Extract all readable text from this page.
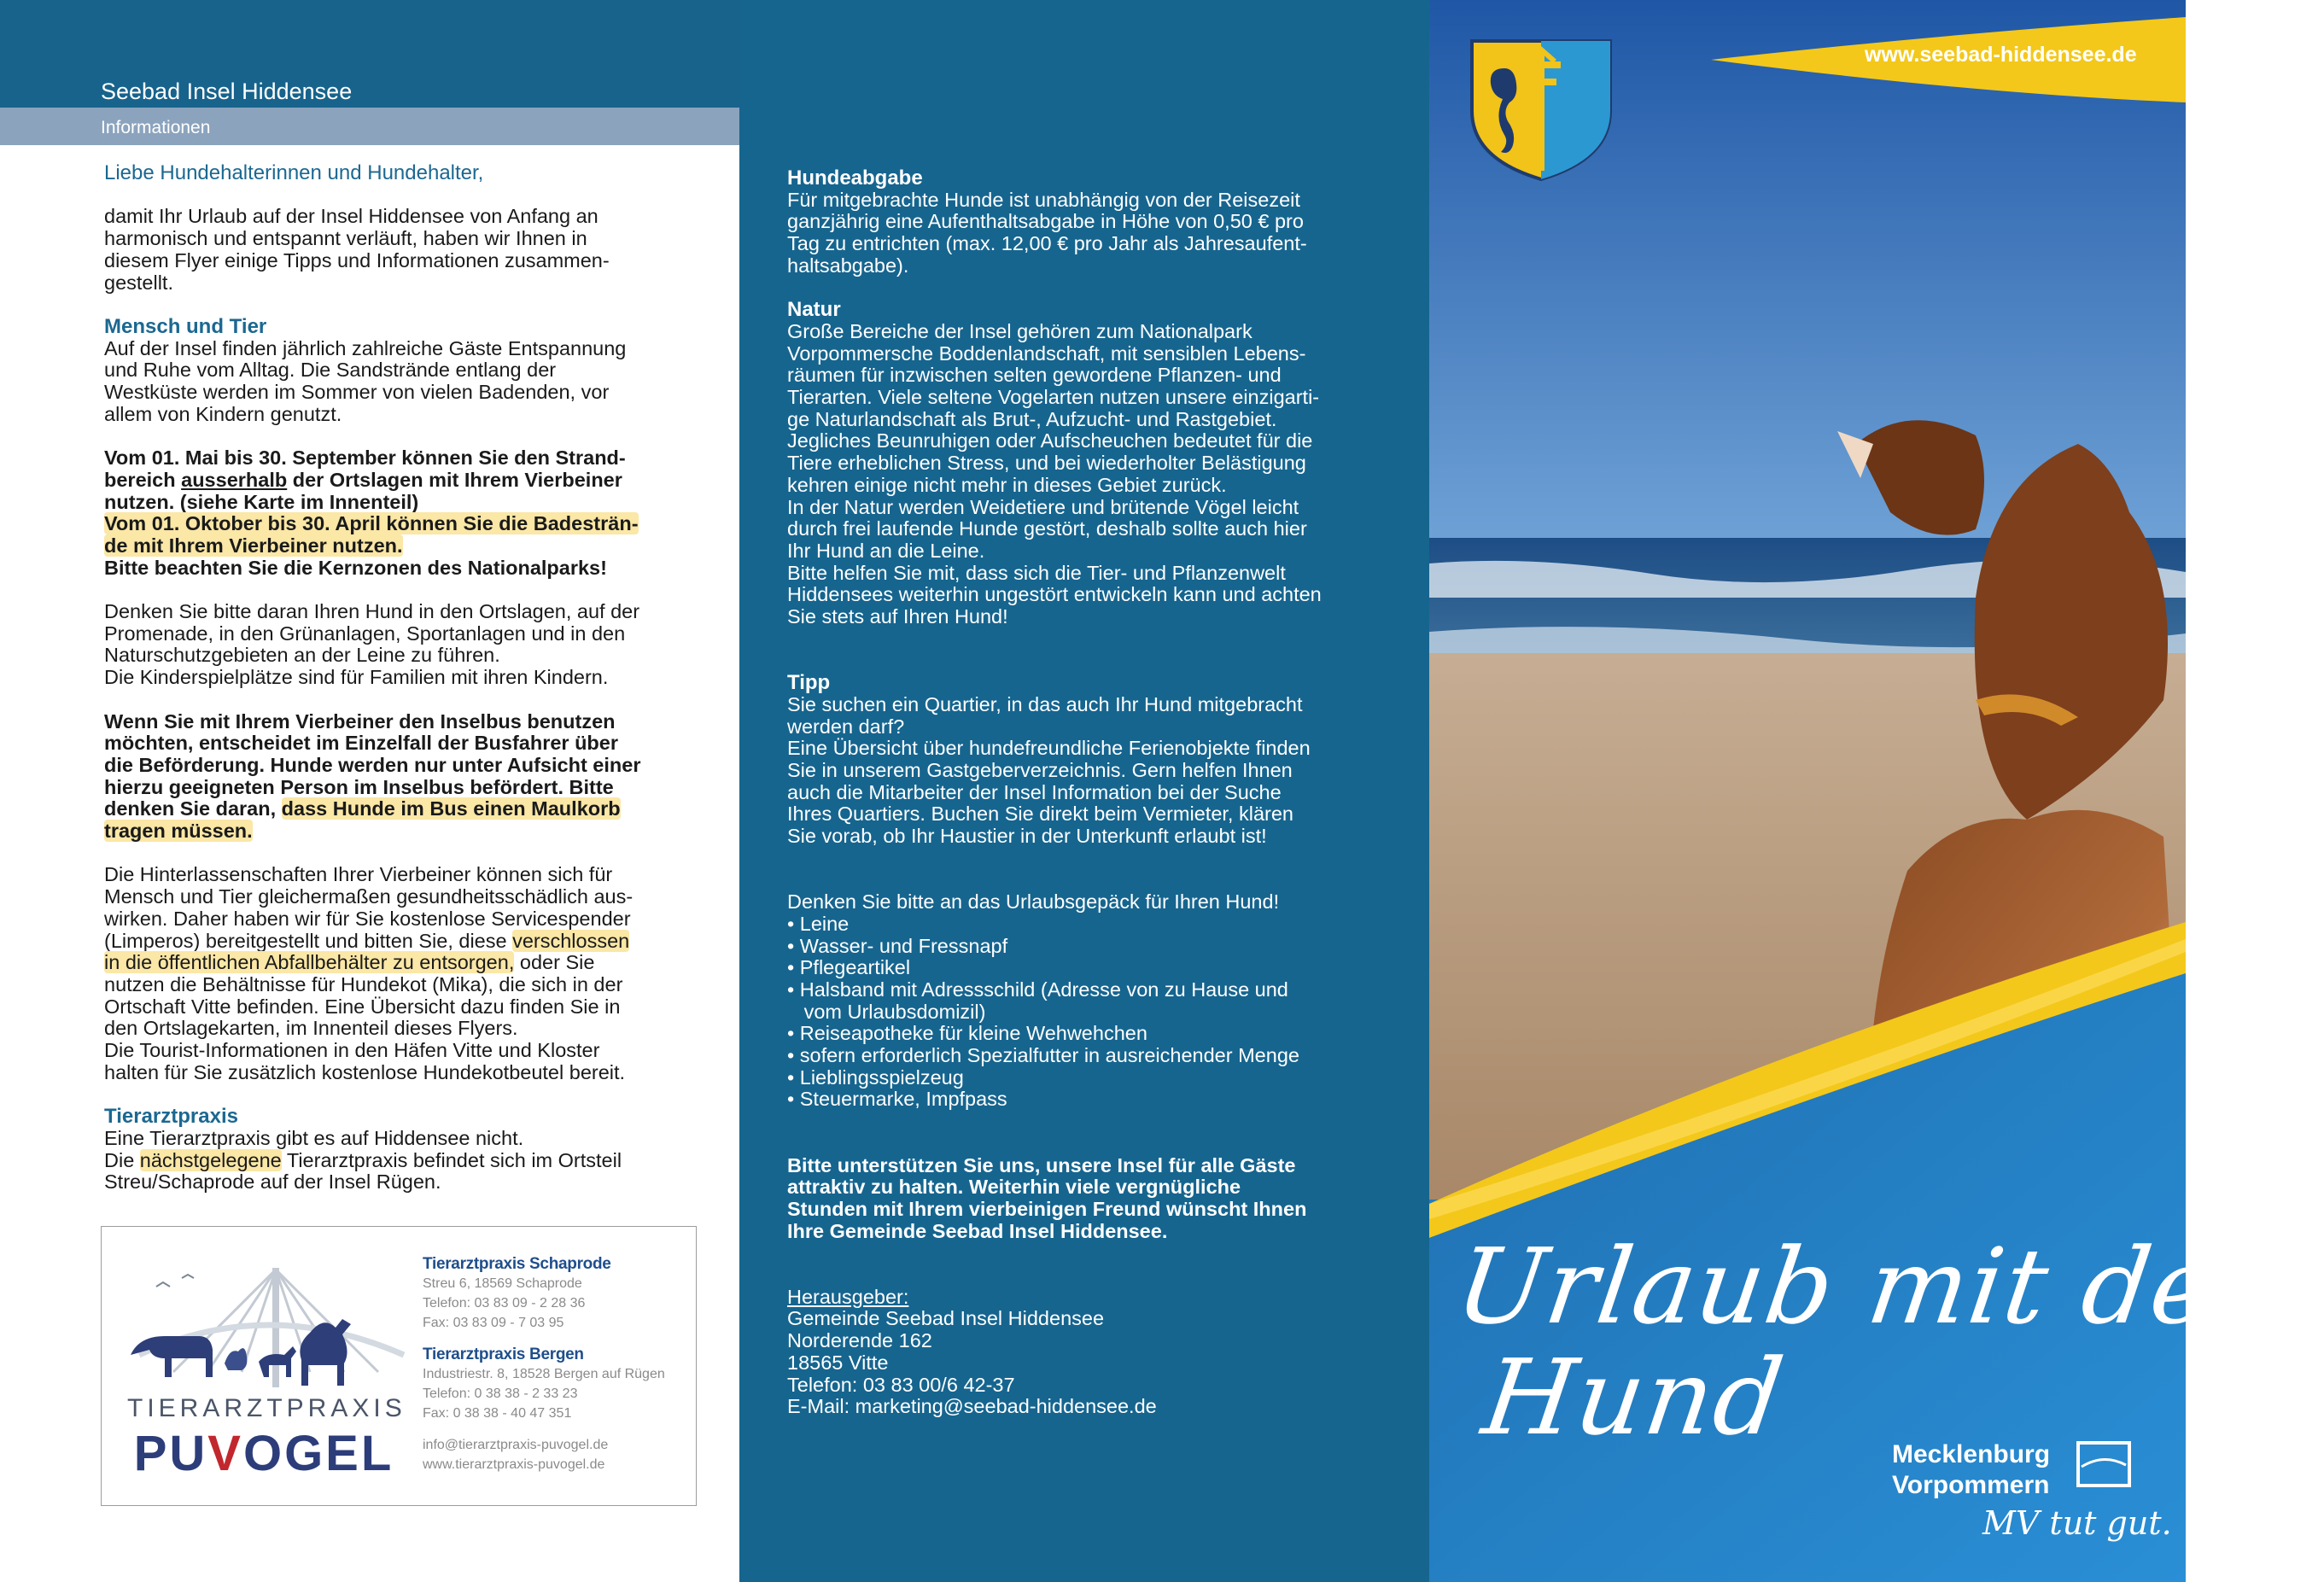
Seebad Insel Hiddensee
Informationen

Liebe Hundehalterinnen und Hundehalter,

damit Ihr Urlaub auf der Insel Hiddensee von Anfang an

harmonisch und entspannt verläuft, haben wir Ihnen in

diesem Flyer einige Tipps und Informationen zusammen-

gestellt.

Mensch und Tier

Auf der Insel finden jährlich zahlreiche Gäste Entspannung

und Ruhe vom Alltag. Die Sandstrände entlang der

Westküste werden im Sommer von vielen Badenden, vor

allem von Kindern genutzt.

Vom 01. Mai bis 30. September können Sie den Strand-

bereich ausserhalb der Ortslagen mit Ihrem Vierbeiner

nutzen. (siehe Karte im Innenteil)

Vom 01. Oktober bis 30. April können Sie die Badesträn-

de mit Ihrem Vierbeiner nutzen.

Bitte beachten Sie die Kernzonen des Nationalparks!

Denken Sie bitte daran Ihren Hund in den Ortslagen, auf der

Promenade, in den Grünanlagen, Sportanlagen und in den

Naturschutzgebieten an der Leine zu führen.

Die Kinderspielplätze sind für Familien mit ihren Kindern.

Wenn Sie mit Ihrem Vierbeiner den Inselbus benutzen

möchten, entscheidet im Einzelfall der Busfahrer über

die Beförderung. Hunde werden nur unter Aufsicht einer

hierzu geeigneten Person im Inselbus befördert. Bitte

denken Sie daran, dass Hunde im Bus einen Maulkorb

tragen müssen.

Die Hinterlassenschaften Ihrer Vierbeiner können sich für

Mensch und Tier gleichermaßen gesundheitsschädlich aus-

wirken. Daher haben wir für Sie kostenlose Servicespender

(Limperos) bereitgestellt und bitten Sie, diese verschlossen

in die öffentlichen Abfallbehälter zu entsorgen, oder Sie

nutzen die Behältnisse für Hundekot (Mika), die sich in der

Ortschaft Vitte befinden. Eine Übersicht dazu finden Sie in

den Ortslagekarten, im Innenteil dieses Flyers.

Die Tourist-Informationen in den Häfen Vitte und Kloster

halten für Sie zusätzlich kostenlose Hundekotbeutel bereit.

Tierarztpraxis

Eine Tierarztpraxis gibt es auf Hiddensee nicht.

Die nächstgelegene Tierarztpraxis befindet sich im Ortsteil

Streu/Schaprode auf der Insel Rügen.

TIERARZTPRAXIS
PUVOGEL
Tierarztpraxis Schaprode
Streu 6, 18569 Schaprode
Telefon: 03 83 09 - 2 28 36
Fax: 03 83 09 - 7 03 95
Tierarztpraxis Bergen
Industriestr. 8, 18528 Bergen auf Rügen
Telefon: 0 38 38 - 2 33 23
Fax: 0 38 38 - 40 47 351
info@tierarztpraxis-puvogel.de
www.tierarztpraxis-puvogel.de

Hundeabgabe

Für mitgebrachte Hunde ist unabhängig von der Reisezeit

ganzjährig eine Aufenthaltsabgabe in Höhe von 0,50 € pro

Tag zu entrichten (max. 12,00 € pro Jahr als Jahresaufent-

haltsabgabe).

Natur

Große Bereiche der Insel gehören zum Nationalpark

Vorpommersche Boddenlandschaft, mit sensiblen Lebens-

räumen für inzwischen selten gewordene Pflanzen- und

Tierarten. Viele seltene Vogelarten nutzen unsere einzigarti-

ge Naturlandschaft als Brut-, Aufzucht- und Rastgebiet.

Jegliches Beunruhigen oder Aufscheuchen bedeutet für die

Tiere erheblichen Stress, und bei wiederholter Belästigung

kehren einige nicht mehr in dieses Gebiet zurück.

In der Natur werden Weidetiere und brütende Vögel leicht

durch frei laufende Hunde gestört, deshalb sollte auch hier

Ihr Hund an die Leine.

Bitte helfen Sie mit, dass sich die Tier- und Pflanzenwelt

Hiddensees weiterhin ungestört entwickeln kann und achten

Sie stets auf Ihren Hund!

Tipp

Sie suchen ein Quartier, in das auch Ihr Hund mitgebracht

werden darf?

Eine Übersicht über hundefreundliche Ferienobjekte finden

Sie in unserem Gastgeberverzeichnis. Gern helfen Ihnen

auch die Mitarbeiter der Insel Information bei der Suche

Ihres Quartiers. Buchen Sie direkt beim Vermieter, klären

Sie vorab, ob Ihr Haustier in der Unterkunft erlaubt ist!

Denken Sie bitte an das Urlaubsgepäck für Ihren Hund!

• Leine

• Wasser- und Fressnapf

• Pflegeartikel

• Halsband mit Adressschild (Adresse von zu Hause und

vom Urlaubsdomizil)

• Reiseapotheke für kleine Wehwehchen

• sofern erforderlich Spezialfutter in ausreichender Menge

• Lieblingsspielzeug

• Steuermarke, Impfpass

Bitte unterstützen Sie uns, unsere Insel für alle Gäste

attraktiv zu halten. Weiterhin viele vergnügliche

Stunden mit Ihrem vierbeinigen Freund wünscht Ihnen

Ihre Gemeinde Seebad Insel Hiddensee.

Herausgeber:

Gemeinde Seebad Insel Hiddensee

Norderende 162

18565 Vitte

Telefon: 03 83 00/6 42-37

E-Mail: marketing@seebad-hiddensee.de

www.seebad-hiddensee.de
Urlaub mit dem
Hund	Mecklenburg
Vorpommern
MV tut gut.
